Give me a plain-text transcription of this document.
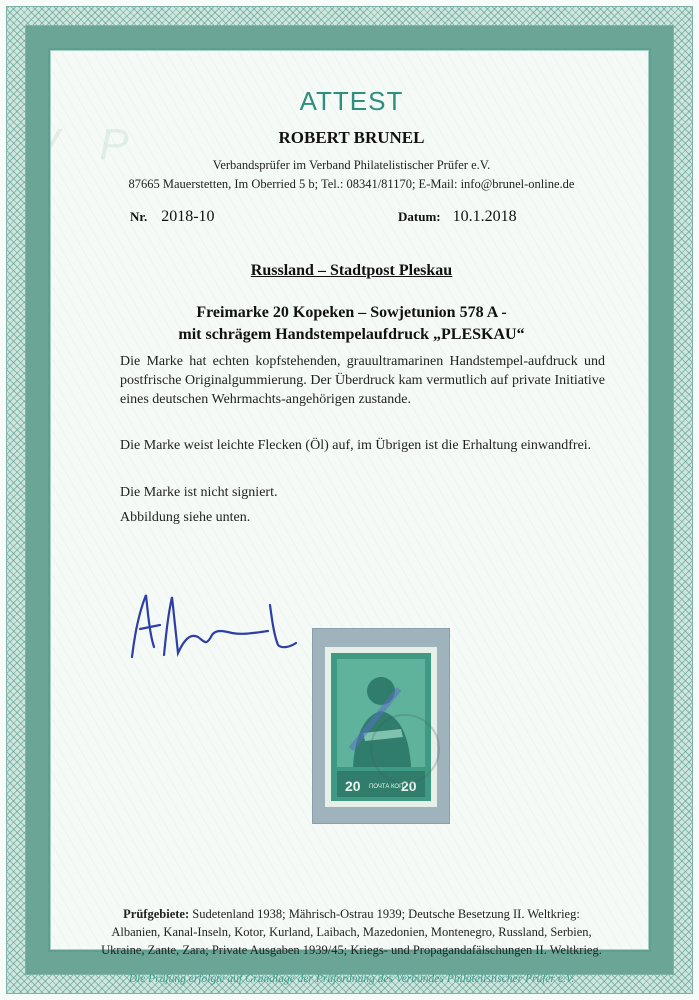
VP
ATTEST
ROBERT BRUNEL
Verbandsprüfer im Verband Philatelistischer Prüfer e.V.
87665 Mauerstetten, Im Oberried 5 b; Tel.: 08341/81170; E-Mail: info@brunel-online.de
Nr. 2018-10	Datum: 10.1.2018
Russland – Stadtpost Pleskau
Freimarke 20 Kopeken – Sowjetunion 578 A -
mit schrägem Handstempelaufdruck „PLESKAU“
Die Marke hat echten kopfstehenden, grauultramarinen Handstempel-aufdruck und postfrische Originalgummierung. Der Überdruck kam vermutlich auf private Initiative eines deutschen Wehrmachts-angehörigen zustande.
Die Marke weist leichte Flecken (Öl) auf, im Übrigen ist die Erhaltung einwandfrei.
Die Marke ist nicht signiert.
Abbildung siehe unten.
20 ПОЧТА КОП
20
Prüfgebiete: Sudetenland 1938; Mährisch-Ostrau 1939; Deutsche Besetzung II. Weltkrieg:
Albanien, Kanal-Inseln, Kotor, Kurland, Laibach, Mazedonien, Montenegro, Russland, Serbien,
Ukraine, Zante, Zara; Private Ausgaben 1939/45; Kriegs- und Propagandafälschungen II. Weltkrieg.
Die Prüfung erfolgte auf Grundlage der Prüfordnung des Verbandes Philatelistischer Prüfer e.V.
